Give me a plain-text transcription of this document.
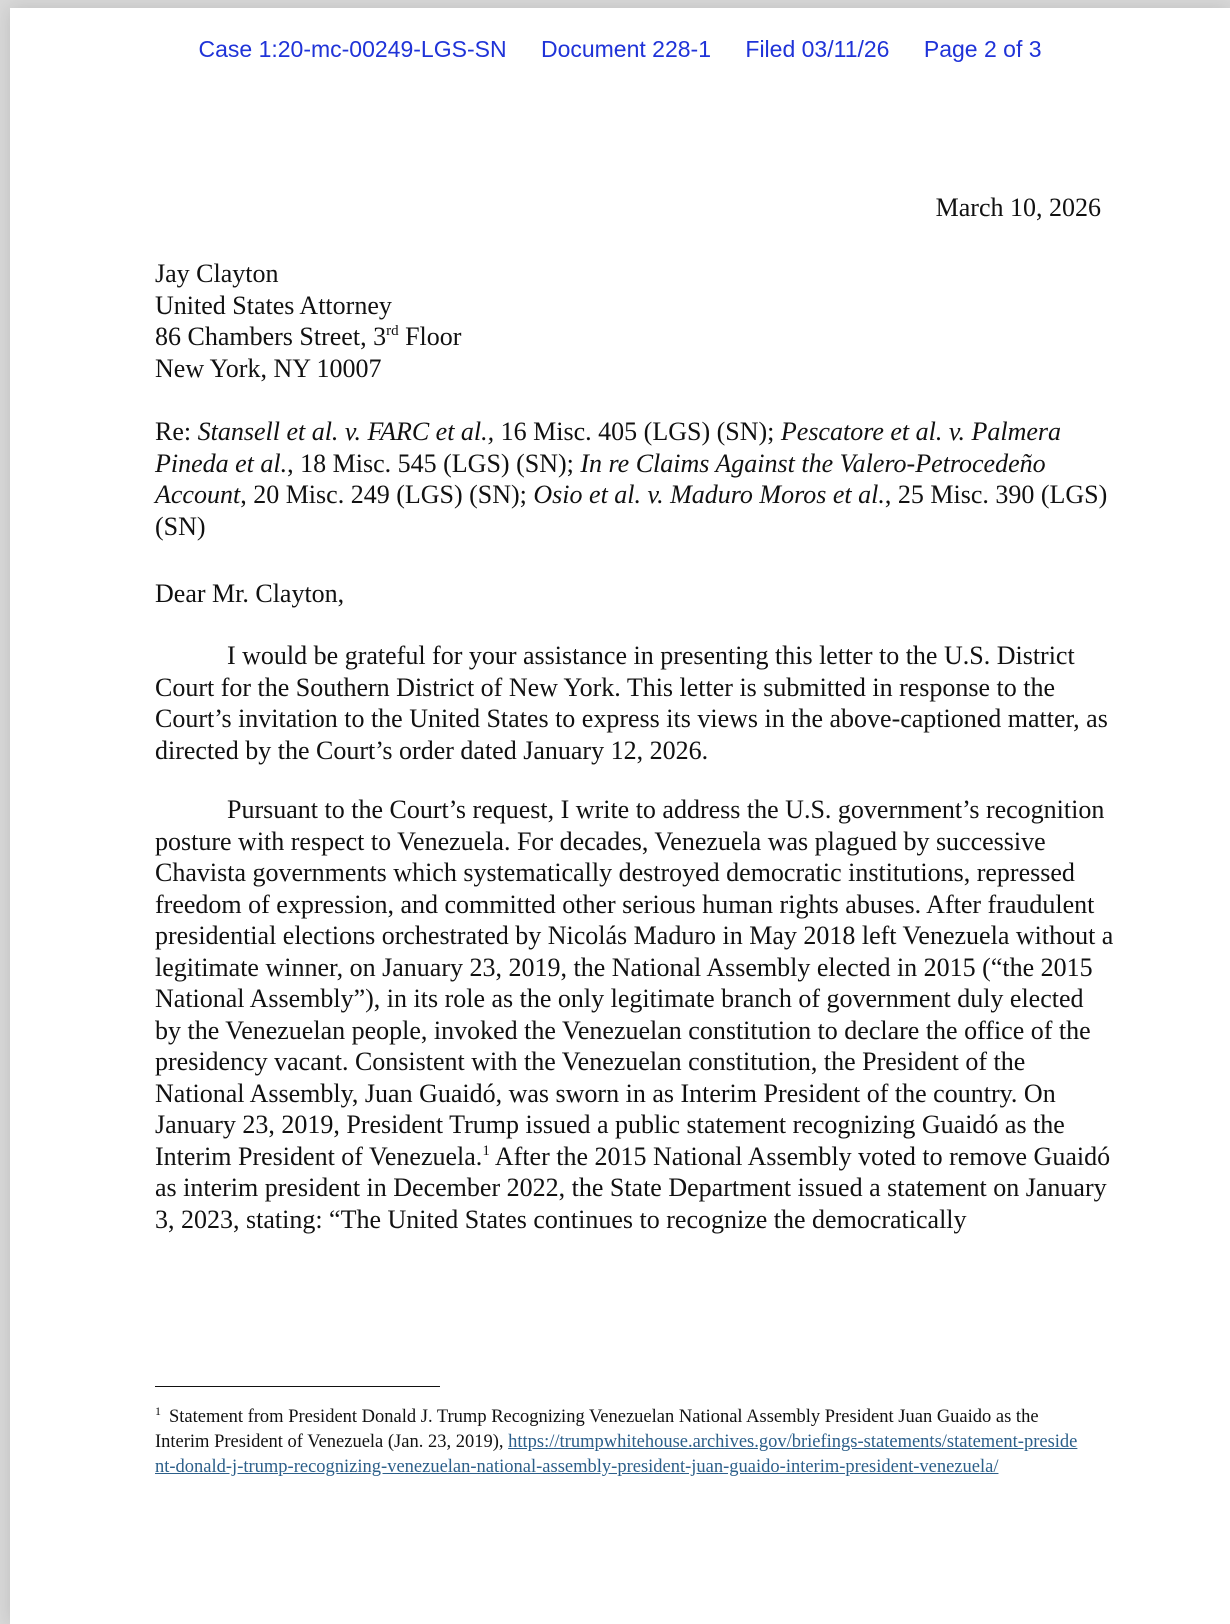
Case 1:20-mc-00249-LGS-SN Document 228-1 Filed 03/11/26 Page 2 of 3
March 10, 2026
Jay Clayton
United States Attorney
86 Chambers Street, 3rd Floor
New York, NY 10007
Re: Stansell et al. v. FARC et al., 16 Misc. 405 (LGS) (SN); Pescatore et al. v. Palmera Pineda et al., 18 Misc. 545 (LGS) (SN); In re Claims Against the Valero-Petrocedeño Account, 20 Misc. 249 (LGS) (SN); Osio et al. v. Maduro Moros et al., 25 Misc. 390 (LGS) (SN)
Dear Mr. Clayton,
I would be grateful for your assistance in presenting this letter to the U.S. District Court for the Southern District of New York. This letter is submitted in response to the Court’s invitation to the United States to express its views in the above-captioned matter, as directed by the Court’s order dated January 12, 2026.
Pursuant to the Court’s request, I write to address the U.S. government’s recognition posture with respect to Venezuela. For decades, Venezuela was plagued by successive Chavista governments which systematically destroyed democratic institutions, repressed freedom of expression, and committed other serious human rights abuses. After fraudulent presidential elections orchestrated by Nicolás Maduro in May 2018 left Venezuela without a legitimate winner, on January 23, 2019, the National Assembly elected in 2015 (“the 2015 National Assembly”), in its role as the only legitimate branch of government duly elected by the Venezuelan people, invoked the Venezuelan constitution to declare the office of the presidency vacant. Consistent with the Venezuelan constitution, the President of the National Assembly, Juan Guaidó, was sworn in as Interim President of the country. On January 23, 2019, President Trump issued a public statement recognizing Guaidó as the Interim President of Venezuela.$^1$ After the 2015 National Assembly voted to remove Guaidó as interim president in December 2022, the State Department issued a statement on January 3, 2023, stating: “The United States continues to recognize the democratically
$^1$ Statement from President Donald J. Trump Recognizing Venezuelan National Assembly President Juan Guaido as the Interim President of Venezuela (Jan. 23, 2019), https://trumpwhitehouse.archives.gov/briefings-statements/statement-president-donald-j-trump-recognizing-venezuelan-national-assembly-president-juan-guaido-interim-president-venezuela/
